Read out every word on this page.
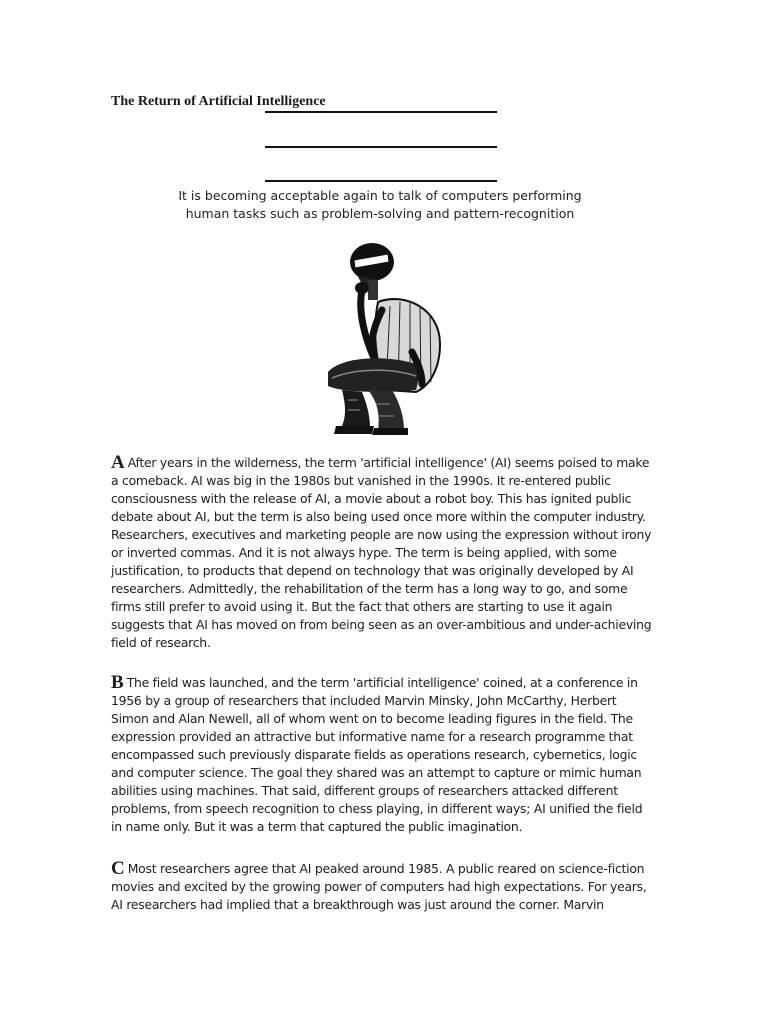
The Return of Artificial Intelligence
It is becoming acceptable again to talk of computers performing human tasks such as problem-solving and pattern-recognition

A After years in the wilderness, the term 'artificial intelligence' (AI) seems poised to make a comeback. AI was big in the 1980s but vanished in the 1990s. It re-entered public consciousness with the release of AI, a movie about a robot boy. This has ignited public debate about AI, but the term is also being used once more within the computer industry. Researchers, executives and marketing people are now using the expression without irony or inverted commas. And it is not always hype. The term is being applied, with some justification, to products that depend on technology that was originally developed by AI researchers. Admittedly, the rehabilitation of the term has a long way to go, and some firms still prefer to avoid using it. But the fact that others are starting to use it again suggests that AI has moved on from being seen as an over-ambitious and under-achieving field of research.

B The field was launched, and the term 'artificial intelligence' coined, at a conference in 1956 by a group of researchers that included Marvin Minsky, John McCarthy, Herbert Simon and Alan Newell, all of whom went on to become leading figures in the field. The expression provided an attractive but informative name for a research programme that encompassed such previously disparate fields as operations research, cybernetics, logic and computer science. The goal they shared was an attempt to capture or mimic human abilities using machines. That said, different groups of researchers attacked different problems, from speech recognition to chess playing, in different ways; AI unified the field in name only. But it was a term that captured the public imagination.

C Most researchers agree that AI peaked around 1985. A public reared on science-fiction movies and excited by the growing power of computers had high expectations. For years, AI researchers had implied that a breakthrough was just around the corner. Marvin
